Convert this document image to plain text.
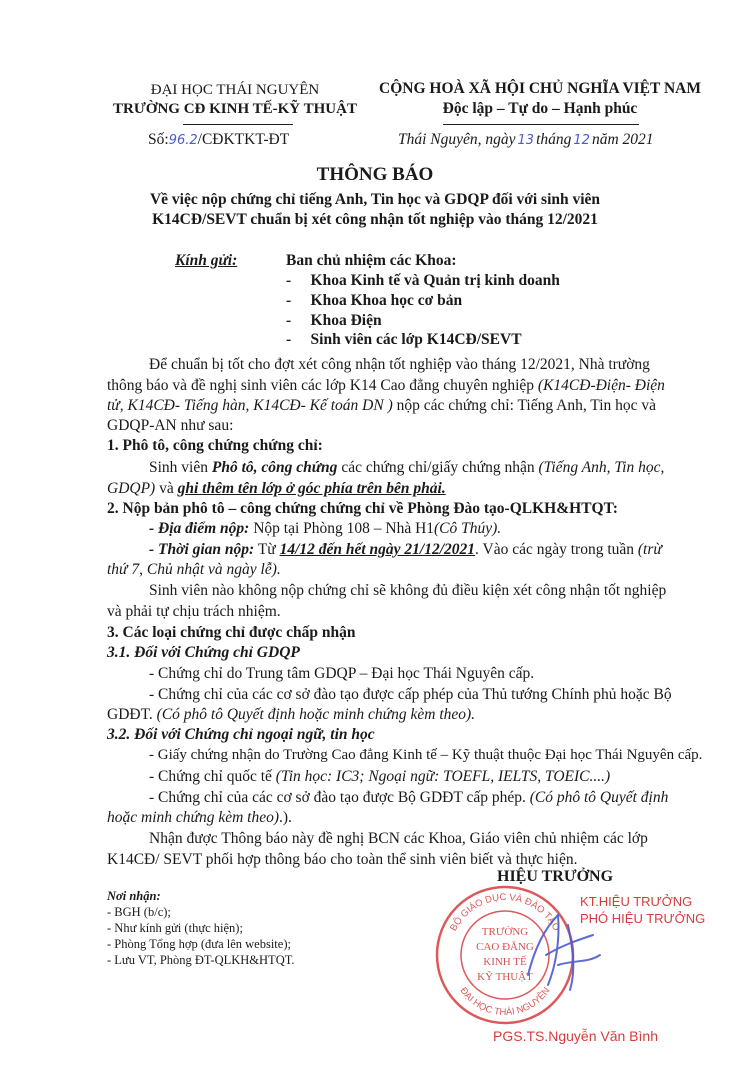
ĐẠI HỌC THÁI NGUYÊN
TRƯỜNG CĐ KINH TẾ-KỸ THUẬT
CỘNG HOÀ XÃ HỘI CHỦ NGHĨA VIỆT NAM
Độc lập – Tự do – Hạnh phúc
Số:96.2/CĐKTKT-ĐT	Thái Nguyên, ngày 13 tháng 12 năm 2021
THÔNG BÁO
Về việc nộp chứng chỉ tiếng Anh, Tin học và GDQP đối với sinh viên
K14CĐ/SEVT chuẩn bị xét công nhận tốt nghiệp vào tháng 12/2021
Kính gửi:	Ban chủ nhiệm các Khoa:
-     Khoa Kinh tế và Quản trị kinh doanh
-     Khoa Khoa học cơ bản
-     Khoa Điện
-     Sinh viên các lớp K14CĐ/SEVT
Để chuẩn bị tốt cho đợt xét công nhận tốt nghiệp vào tháng 12/2021, Nhà trường
thông báo và đề nghị sinh viên các lớp K14 Cao đẳng chuyên nghiệp (K14CĐ-Điện- Điện
tử, K14CĐ- Tiếng hàn, K14CĐ- Kế toán DN ) nộp các chứng chỉ: Tiếng Anh, Tin học và
GDQP-AN như sau:
1. Phô tô, công chứng chứng chỉ:
Sinh viên Phô tô, công chứng các chứng chỉ/giấy chứng nhận (Tiếng Anh, Tin học,
GDQP) và ghi thêm tên lớp ở góc phía trên bên phải.
2. Nộp bản phô tô – công chứng chứng chỉ về Phòng Đào tạo-QLKH&HTQT:
- Địa điểm nộp: Nộp tại Phòng 108 – Nhà H1(Cô Thúy).
- Thời gian nộp: Từ 14/12 đến hết ngày 21/12/2021. Vào các ngày trong tuần (trừ
thứ 7, Chủ nhật và ngày lễ).
Sinh viên nào không nộp chứng chỉ sẽ không đủ điều kiện xét công nhận tốt nghiệp
và phải tự chịu trách nhiệm.
3. Các loại chứng chỉ được chấp nhận
3.1. Đối với Chứng chỉ GDQP
- Chứng chỉ do Trung tâm GDQP – Đại học Thái Nguyên cấp.
- Chứng chỉ của các cơ sở đào tạo được cấp phép của Thủ tướng Chính phủ hoặc Bộ
GDĐT. (Có phô tô Quyết định hoặc minh chứng kèm theo).
3.2. Đối với Chứng chỉ ngoại ngữ, tin học
- Giấy chứng nhận do Trường Cao đẳng Kinh tế – Kỹ thuật thuộc Đại học Thái Nguyên cấp.
- Chứng chỉ quốc tế (Tin học: IC3; Ngoại ngữ: TOEFL, IELTS, TOEIC....)
- Chứng chỉ của các cơ sở đào tạo được Bộ GDĐT cấp phép. (Có phô tô Quyết định
hoặc minh chứng kèm theo).).
Nhận được Thông báo này đề nghị BCN các Khoa, Giáo viên chủ nhiệm các lớp
K14CĐ/ SEVT phối hợp thông báo cho toàn thể sinh viên biết và thực hiện.
Nơi nhận:
- BGH (b/c);
- Như kính gửi (thực hiện);
- Phòng Tổng hợp (đưa lên website);
- Lưu VT, Phòng ĐT-QLKH&HTQT.
HIỆU TRƯỞNG
BỘ GIÁO DỤC VÀ ĐÀO TẠO
ĐẠI HỌC THÁI NGUYÊN
TRƯỜNG
CAO ĐẲNG
KINH TẾ
KỸ THUẬT
KT.HIỆU TRƯỞNG
PHÓ HIỆU TRƯỞNG
PGS.TS.Nguyễn Văn Bình
